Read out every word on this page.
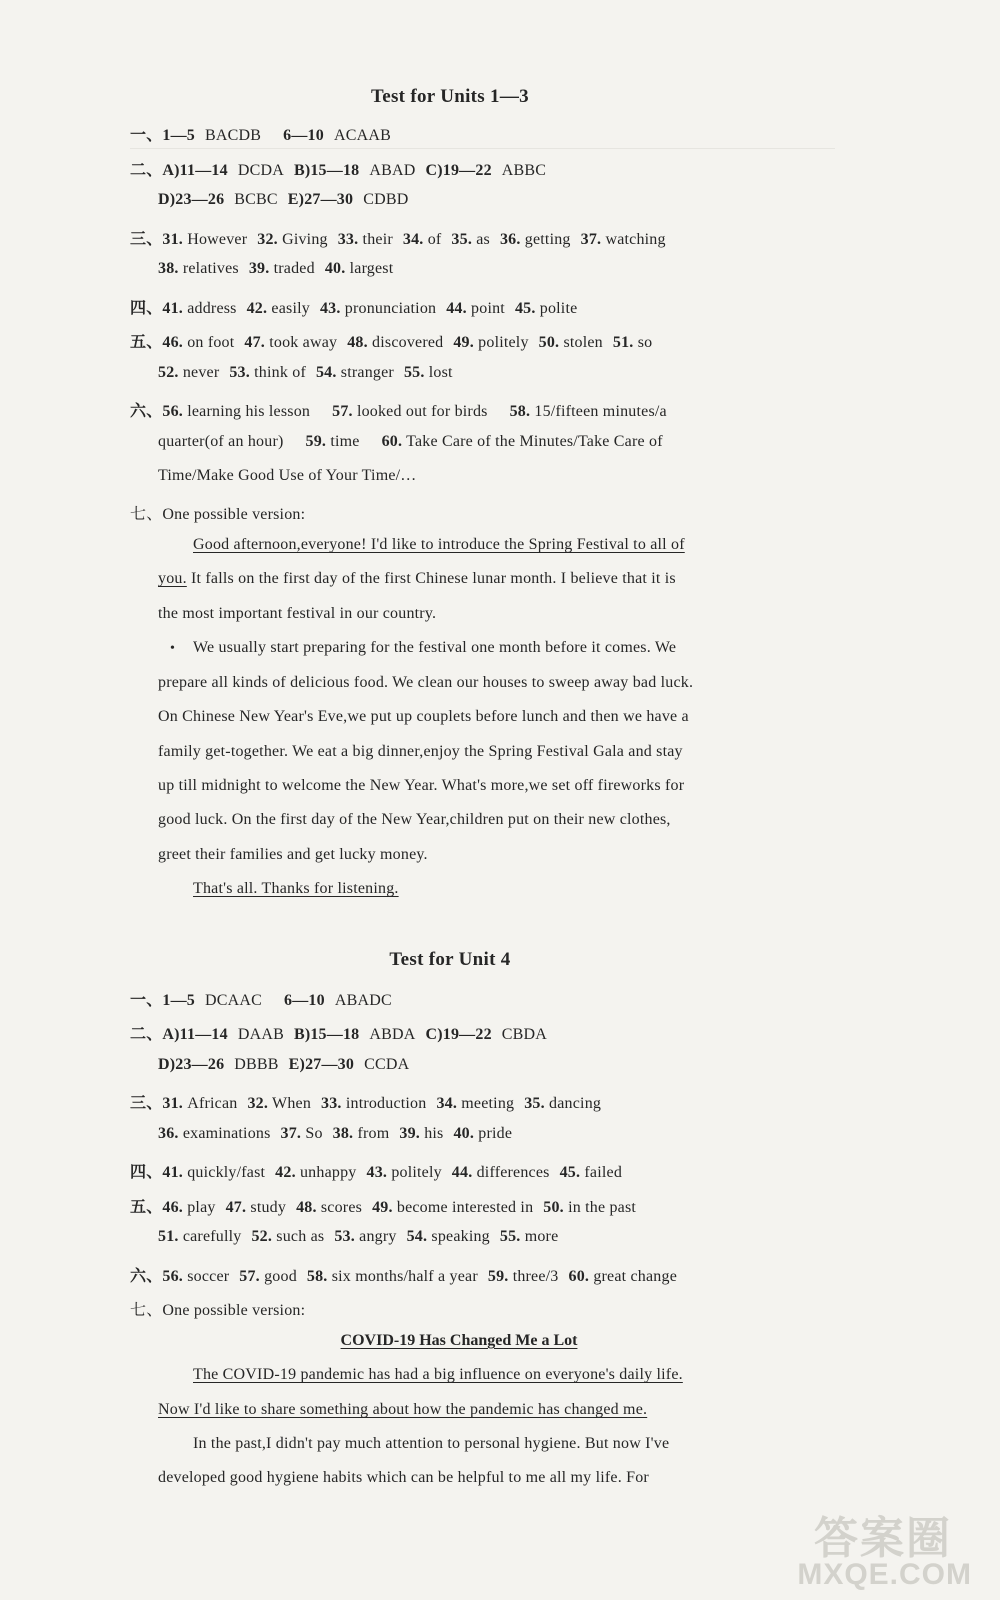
Test for Units 1—3
一、1—5 BACDB 6—10 ACAAB
二、A)11—14 DCDA B)15—18 ABAD C)19—22 ABBC
D)23—26 BCBC E)27—30 CDBD
三、31. However 32. Giving 33. their 34. of 35. as 36. getting 37. watching
38. relatives 39. traded 40. largest
四、41. address 42. easily 43. pronunciation 44. point 45. polite
五、46. on foot 47. took away 48. discovered 49. politely 50. stolen 51. so
52. never 53. think of 54. stranger 55. lost
六、56. learning his lesson 57. looked out for birds 58. 15/fifteen minutes/a
quarter(of an hour) 59. time 60. Take Care of the Minutes/Take Care of
Time/Make Good Use of Your Time/…
七、One possible version:
Good afternoon,everyone! I'd like to introduce the Spring Festival to all of
you. It falls on the first day of the first Chinese lunar month. I believe that it is
the most important festival in our country.
• We usually start preparing for the festival one month before it comes. We
prepare all kinds of delicious food. We clean our houses to sweep away bad luck.
On Chinese New Year's Eve,we put up couplets before lunch and then we have a
family get-together. We eat a big dinner,enjoy the Spring Festival Gala and stay
up till midnight to welcome the New Year. What's more,we set off fireworks for
good luck. On the first day of the New Year,children put on their new clothes,
greet their families and get lucky money.
That's all. Thanks for listening.
Test for Unit 4
一、1—5 DCAAC 6—10 ABADC
二、A)11—14 DAAB B)15—18 ABDA C)19—22 CBDA
D)23—26 DBBB E)27—30 CCDA
三、31. African 32. When 33. introduction 34. meeting 35. dancing
36. examinations 37. So 38. from 39. his 40. pride
四、41. quickly/fast 42. unhappy 43. politely 44. differences 45. failed
五、46. play 47. study 48. scores 49. become interested in 50. in the past
51. carefully 52. such as 53. angry 54. speaking 55. more
六、56. soccer 57. good 58. six months/half a year 59. three/3 60. great change
七、One possible version:
COVID-19 Has Changed Me a Lot
The COVID-19 pandemic has had a big influence on everyone's daily life.
Now I'd like to share something about how the pandemic has changed me.
In the past,I didn't pay much attention to personal hygiene. But now I've
developed good hygiene habits which can be helpful to me all my life. For
答案圈
MXQE.COM
